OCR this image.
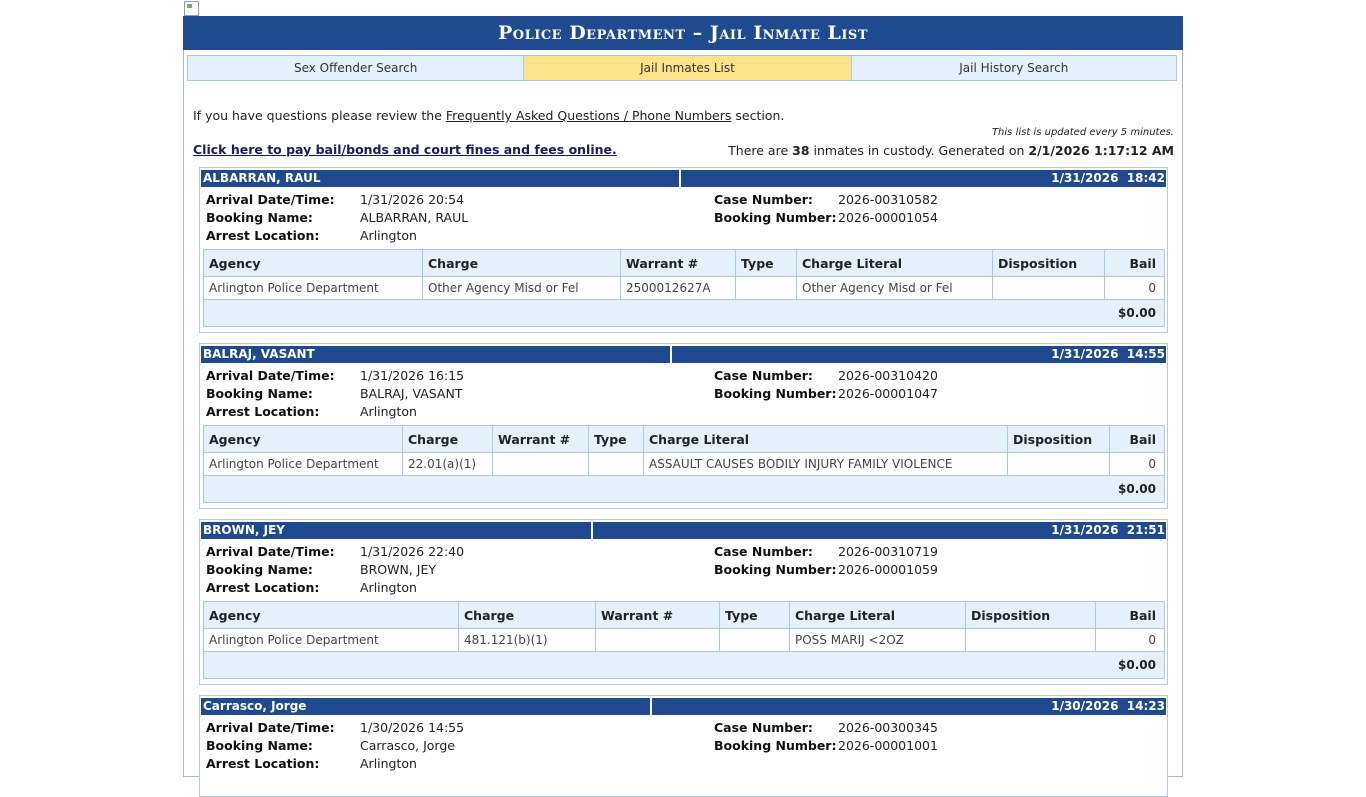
Police Department – Jail Inmate List
Sex Offender Search	Jail Inmates List	Jail History Search
If you have questions please review the Frequently Asked Questions / Phone Numbers section.
This list is updated every 5 minutes.
Click here to pay bail/bonds and court fines and fees online.	There are 38 inmates in custody. Generated on 2/1/2026 1:17:12 AM
ALBARRAN, RAUL	1/31/2026 18:42
Arrival Date/Time: 1/31/2026 20:54
Booking Name:	ALBARRAN, RAUL
Arrest Location:	Arlington
Case Number: 2026-00310582
Booking Number: 2026-00001054
Agency	Charge	Warrant #	Type	Charge Literal	Disposition	Bail
Arlington Police Department	Other Agency Misd or Fel	2500012627A		Other Agency Misd or Fel		0
$0.00						
BALRAJ, VASANT	1/31/2026 14:55
Arrival Date/Time: 1/31/2026 16:15
Booking Name:	BALRAJ, VASANT
Arrest Location:	Arlington
Case Number: 2026-00310420
Booking Number: 2026-00001047
Agency	Charge	Warrant #	Type	Charge Literal	Disposition	Bail
Arlington Police Department	22.01(a)(1)			ASSAULT CAUSES BODILY INJURY FAMILY VIOLENCE		0
$0.00						
BROWN, JEY	1/31/2026 21:51
Arrival Date/Time: 1/31/2026 22:40
Booking Name:	BROWN, JEY
Arrest Location:	Arlington
Case Number: 2026-00310719
Booking Number: 2026-00001059
Agency	Charge	Warrant #	Type	Charge Literal	Disposition	Bail
Arlington Police Department	481.121(b)(1)			POSS MARIJ <2OZ		0
$0.00						
Carrasco, Jorge	1/30/2026 14:23
Arrival Date/Time: 1/30/2026 14:55
Booking Name:	Carrasco, Jorge
Arrest Location:	Arlington
Case Number: 2026-00300345
Booking Number: 2026-00001001
